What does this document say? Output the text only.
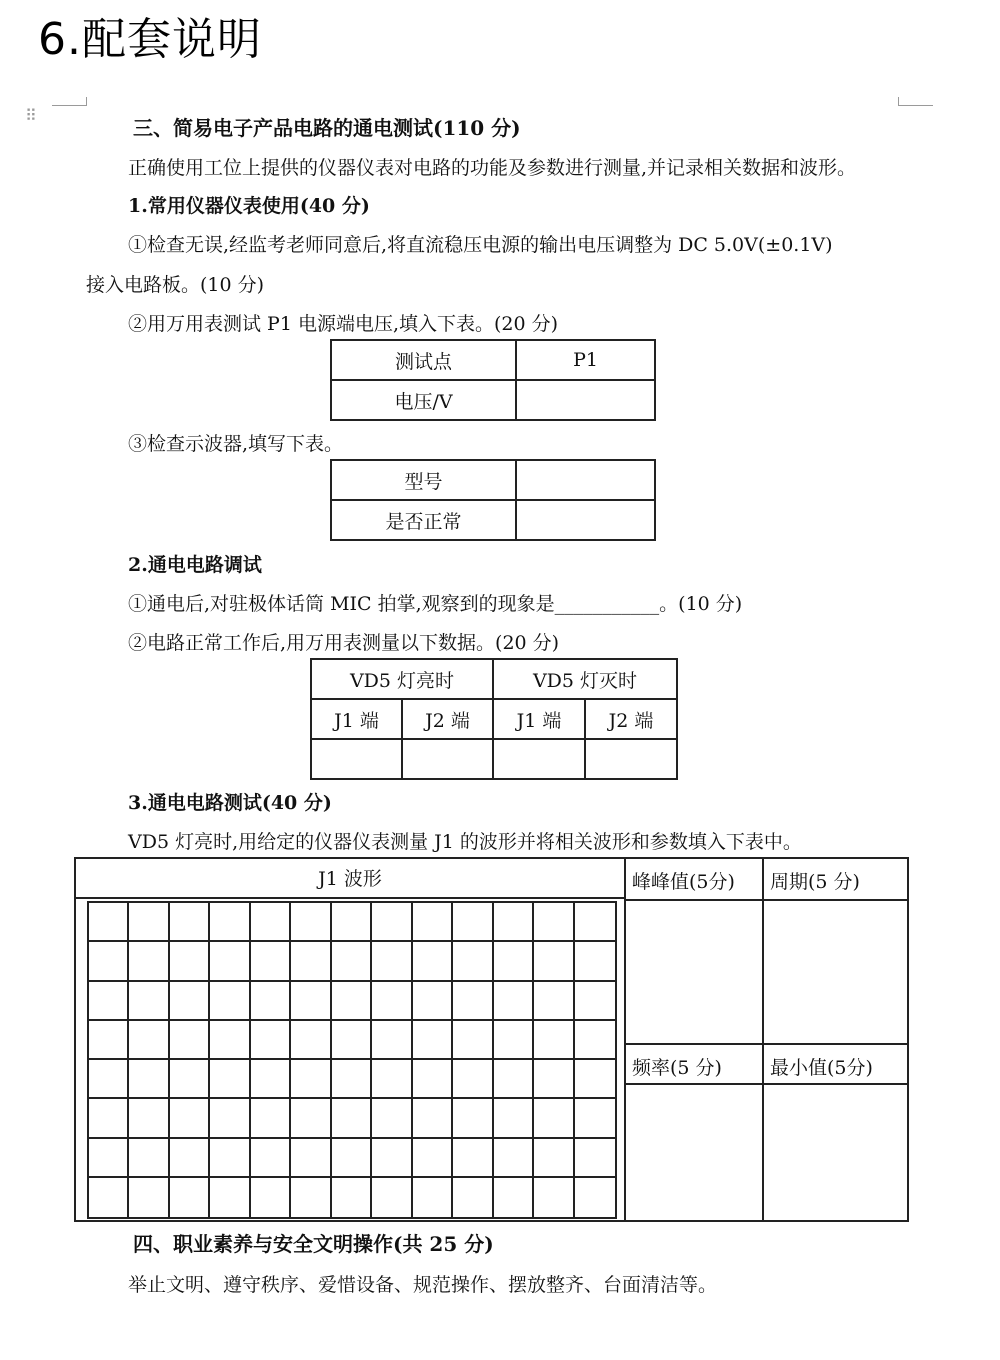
6.配套说明
⠿
三、简易电子产品电路的通电测试(110 分)
正确使用工位上提供的仪器仪表对电路的功能及参数进行测量,并记录相关数据和波形。
1.常用仪器仪表使用(40 分)
①检查无误,经监考老师同意后,将直流稳压电源的输出电压调整为 DC 5.0V(±0.1V)
接入电路板。(10 分)
②用万用表测试 P1 电源端电压,填入下表。(20 分)
测试点	P1
电压/V	
③检查示波器,填写下表。
型号	
是否正常	
2.通电电路调试
①通电后,对驻极体话筒 MIC 拍掌,观察到的现象是___________。(10 分)
②电路正常工作后,用万用表测量以下数据。(20 分)
VD5 灯亮时		VD5 灯灭时	
J1 端	J2 端	J1 端	J2 端

3.通电电路测试(40 分)
VD5 灯亮时,用给定的仪器仪表测量 J1 的波形并将相关波形和参数填入下表中。
J1 波形	峰峰值(5分) 周期(5 分)
频率(5 分)	最小值(5分)
四、职业素养与安全文明操作(共 25 分)
举止文明、遵守秩序、爱惜设备、规范操作、摆放整齐、台面清洁等。
